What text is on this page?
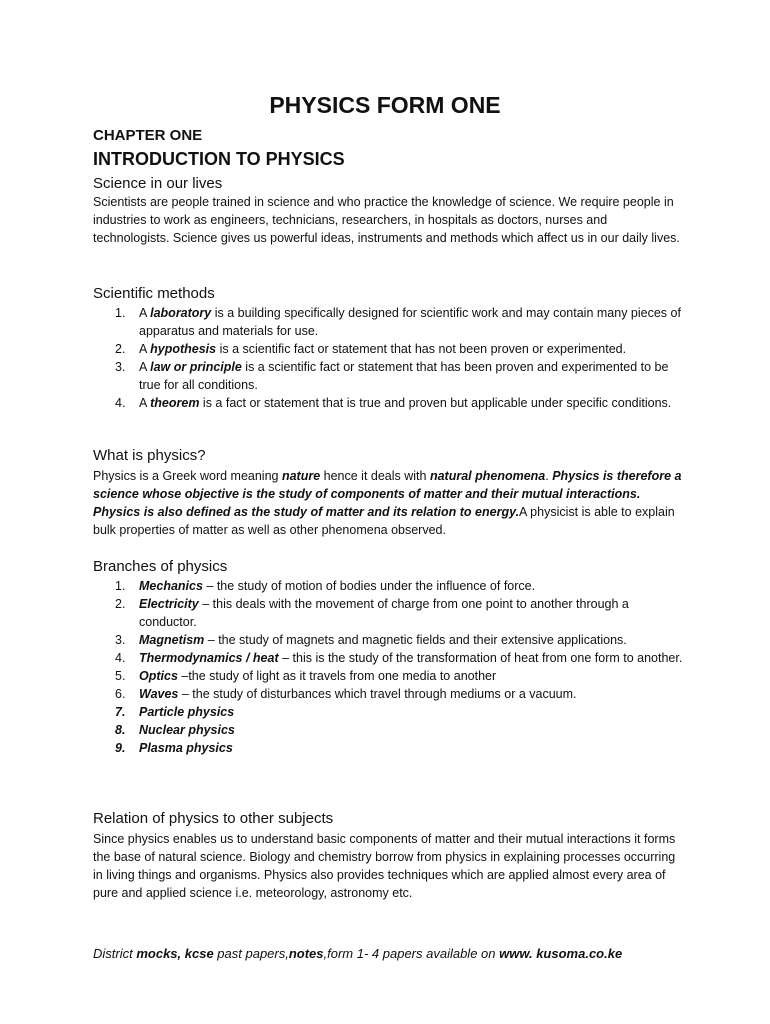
PHYSICS FORM ONE
CHAPTER ONE
INTRODUCTION TO PHYSICS
Science in our lives

Scientists are people trained in science and who practice the knowledge of science. We require people in industries to work as engineers, technicians, researchers, in hospitals as doctors, nurses and technologists. Science gives us powerful ideas, instruments and methods which affect us in our daily lives.

Scientific methods
1. A laboratory is a building specifically designed for scientific work and may contain many pieces of apparatus and materials for use.
2. A hypothesis is a scientific fact or statement that has not been proven or experimented.
3. A law or principle is a scientific fact or statement that has been proven and experimented to be true for all conditions.
4. A theorem is a fact or statement that is true and proven but applicable under specific conditions.
What is physics?

Physics is a Greek word meaning nature hence it deals with natural phenomena. Physics is therefore a science whose objective is the study of components of matter and their mutual interactions. Physics is also defined as the study of matter and its relation to energy.A physicist is able to explain bulk properties of matter as well as other phenomena observed.

Branches of physics
1. Mechanics – the study of motion of bodies under the influence of force.
2. Electricity – this deals with the movement of charge from one point to another through a conductor.
3. Magnetism – the study of magnets and magnetic fields and their extensive applications.
4. Thermodynamics / heat – this is the study of the transformation of heat from one form to another.
5. Optics –the study of light as it travels from one media to another
6. Waves – the study of disturbances which travel through mediums or a vacuum.
7. Particle physics
8. Nuclear physics
9. Plasma physics
Relation of physics to other subjects

Since physics enables us to understand basic components of matter and their mutual interactions it forms the base of natural science. Biology and chemistry borrow from physics in explaining processes occurring in living things and organisms. Physics also provides techniques which are applied almost every area of pure and applied science i.e. meteorology, astronomy etc.

District mocks, kcse past papers,notes,form 1- 4 papers available on www. kusoma.co.ke
